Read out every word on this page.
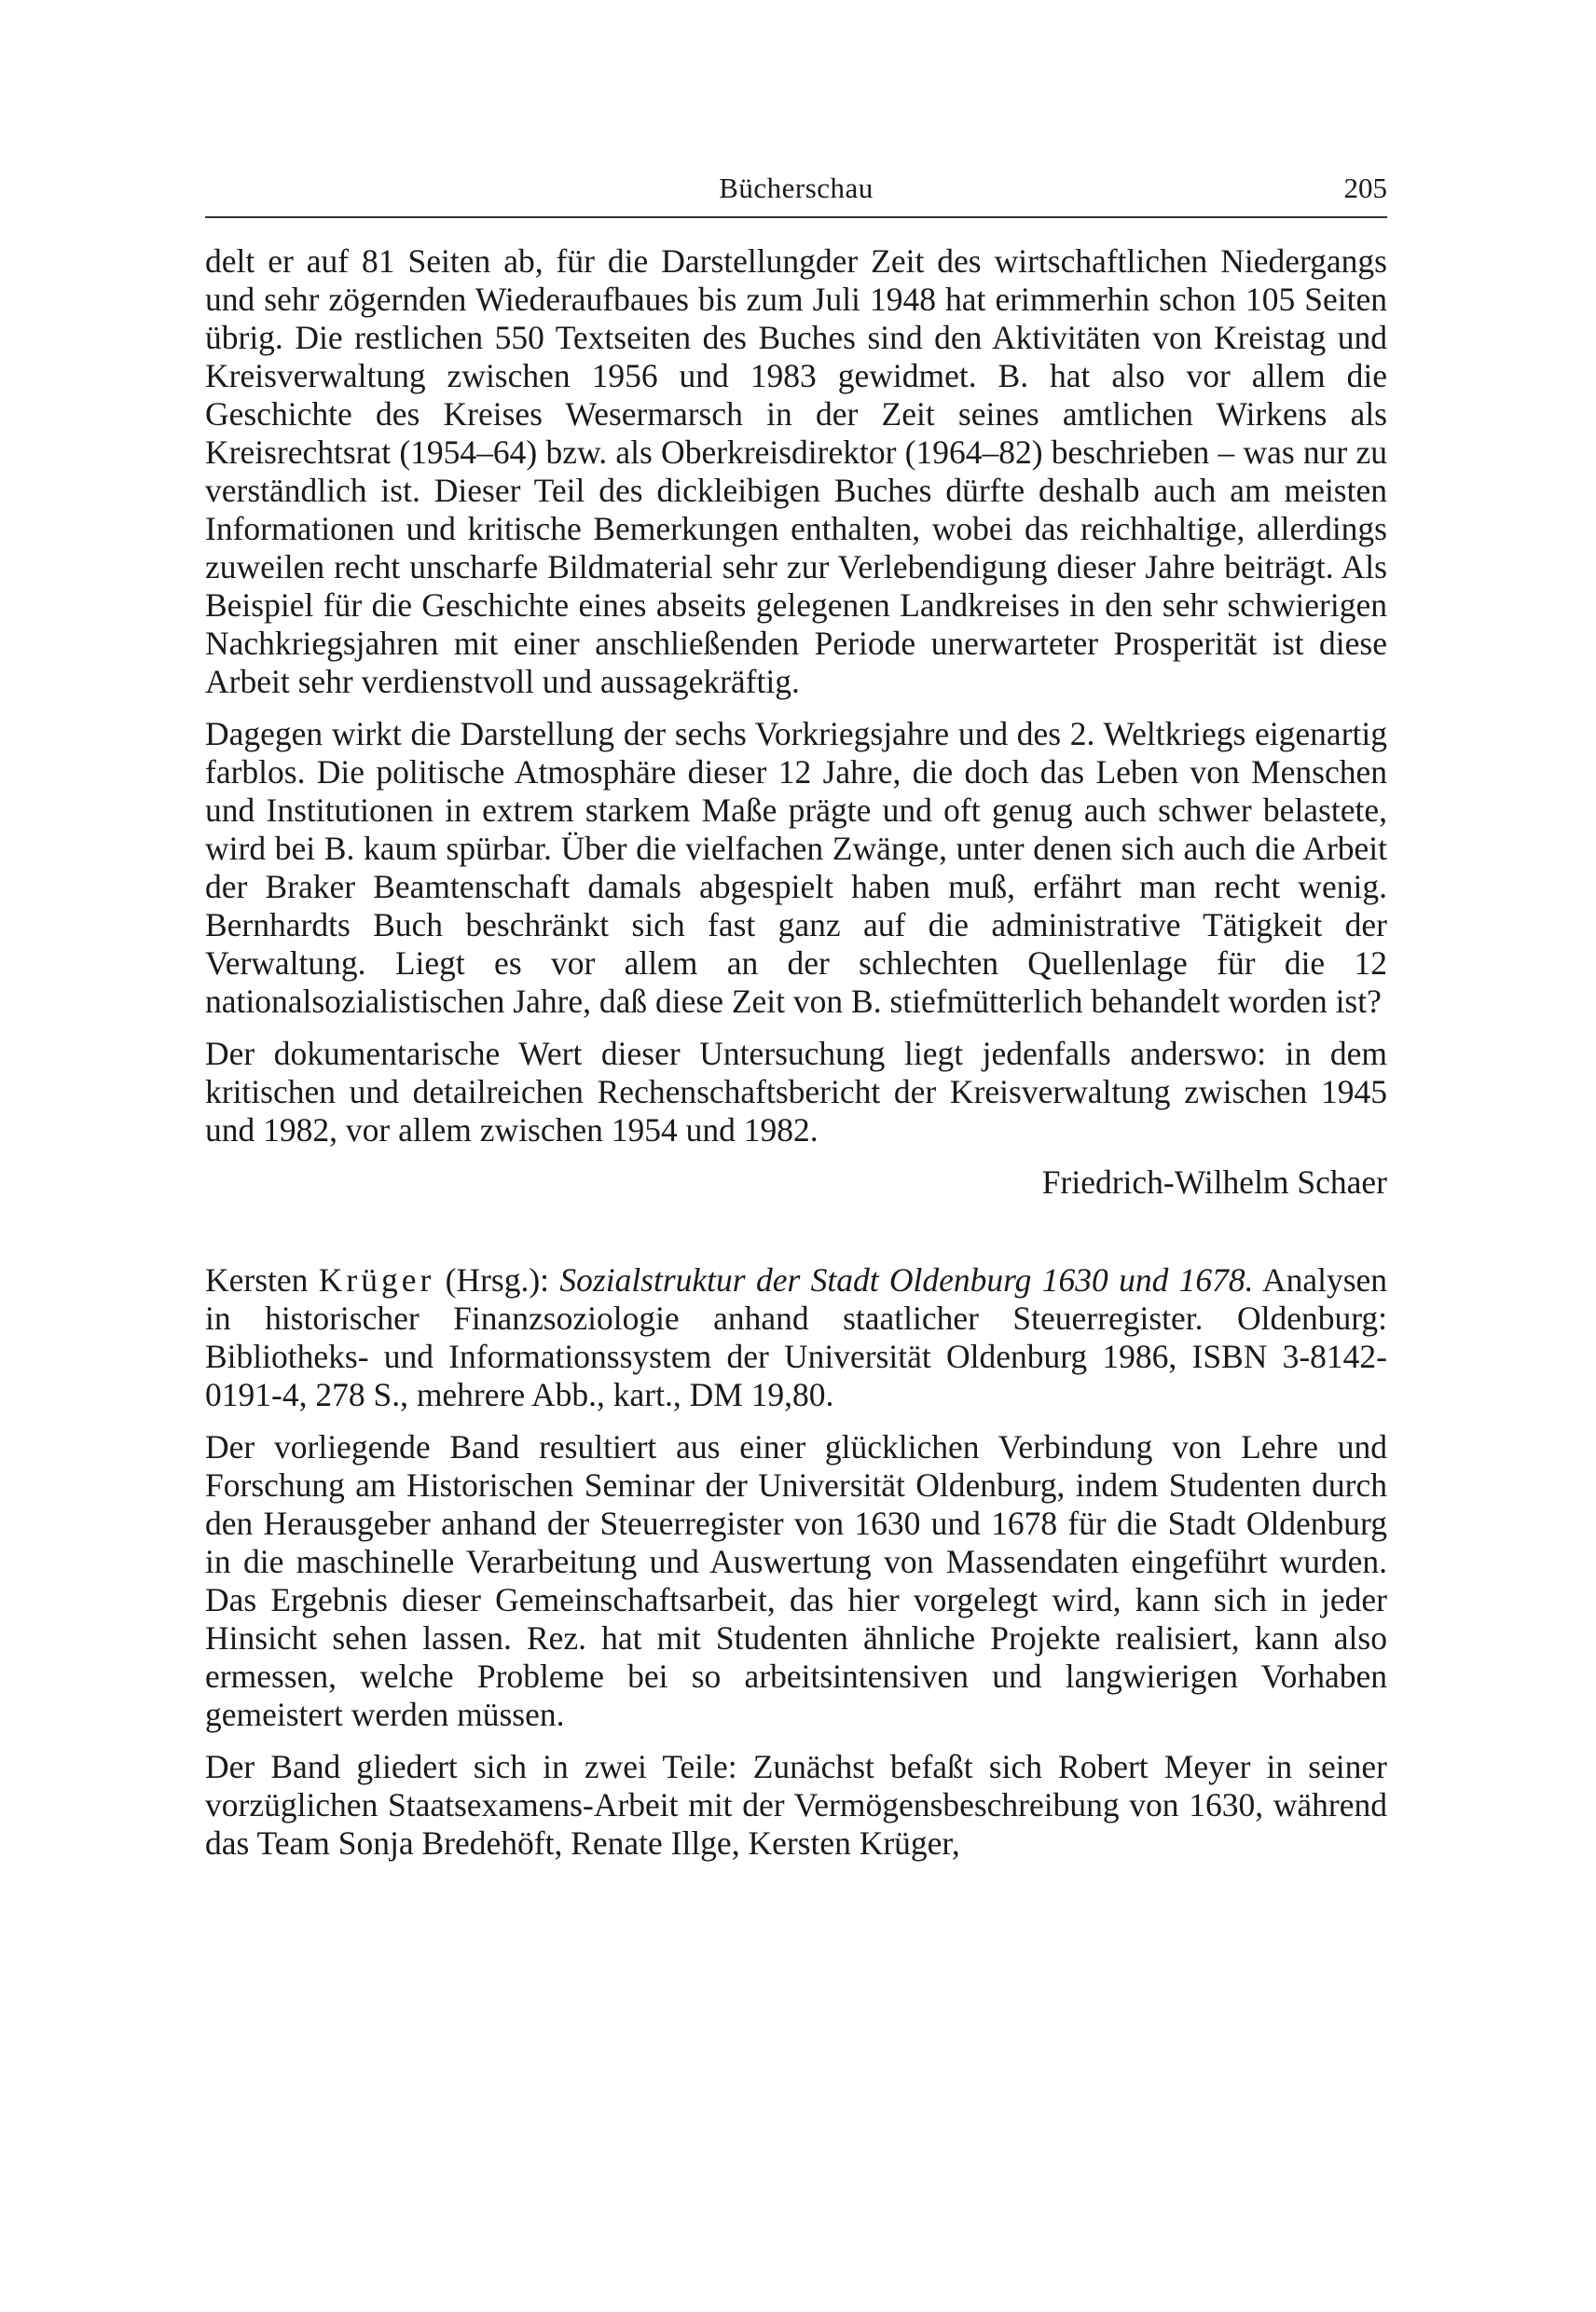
Bücherschau	205

delt er auf 81 Seiten ab, für die Darstellungder Zeit des wirtschaftlichen Niedergangs und sehr zögernden Wiederaufbaues bis zum Juli 1948 hat erimmerhin schon 105 Seiten übrig. Die restlichen 550 Textseiten des Buches sind den Aktivitäten von Kreistag und Kreisverwaltung zwischen 1956 und 1983 gewidmet. B. hat also vor allem die Geschichte des Kreises Wesermarsch in der Zeit seines amtlichen Wirkens als Kreisrechtsrat (1954–64) bzw. als Oberkreisdirektor (1964–82) beschrieben – was nur zu verständlich ist. Dieser Teil des dickleibigen Buches dürfte deshalb auch am meisten Informationen und kritische Bemerkungen enthalten, wobei das reichhaltige, allerdings zuweilen recht unscharfe Bildmaterial sehr zur Verlebendigung dieser Jahre beiträgt. Als Beispiel für die Geschichte eines abseits gelegenen Landkreises in den sehr schwierigen Nachkriegsjahren mit einer anschließenden Periode unerwarteter Prosperität ist diese Arbeit sehr verdienstvoll und aussagekräftig.

Dagegen wirkt die Darstellung der sechs Vorkriegsjahre und des 2. Weltkriegs eigenartig farblos. Die politische Atmosphäre dieser 12 Jahre, die doch das Leben von Menschen und Institutionen in extrem starkem Maße prägte und oft genug auch schwer belastete, wird bei B. kaum spürbar. Über die vielfachen Zwänge, unter denen sich auch die Arbeit der Braker Beamtenschaft damals abgespielt haben muß, erfährt man recht wenig. Bernhardts Buch beschränkt sich fast ganz auf die administrative Tätigkeit der Verwaltung. Liegt es vor allem an der schlechten Quellenlage für die 12 nationalsozialistischen Jahre, daß diese Zeit von B. stiefmütterlich behandelt worden ist?

Der dokumentarische Wert dieser Untersuchung liegt jedenfalls anderswo: in dem kritischen und detailreichen Rechenschaftsbericht der Kreisverwaltung zwischen 1945 und 1982, vor allem zwischen 1954 und 1982.

Friedrich-Wilhelm Schaer

Kersten Krüger (Hrsg.): Sozialstruktur der Stadt Oldenburg 1630 und 1678. Analysen in historischer Finanzsoziologie anhand staatlicher Steuerregister. Oldenburg: Bibliotheks- und Informationssystem der Universität Oldenburg 1986, ISBN 3-8142-0191-4, 278 S., mehrere Abb., kart., DM 19,80.

Der vorliegende Band resultiert aus einer glücklichen Verbindung von Lehre und Forschung am Historischen Seminar der Universität Oldenburg, indem Studenten durch den Herausgeber anhand der Steuerregister von 1630 und 1678 für die Stadt Oldenburg in die maschinelle Verarbeitung und Auswertung von Massendaten eingeführt wurden. Das Ergebnis dieser Gemeinschaftsarbeit, das hier vorgelegt wird, kann sich in jeder Hinsicht sehen lassen. Rez. hat mit Studenten ähnliche Projekte realisiert, kann also ermessen, welche Probleme bei so arbeitsintensiven und langwierigen Vorhaben gemeistert werden müssen.

Der Band gliedert sich in zwei Teile: Zunächst befaßt sich Robert Meyer in seiner vorzüglichen Staatsexamens-Arbeit mit der Vermögensbeschreibung von 1630, während das Team Sonja Bredehöft, Renate Illge, Kersten Krüger,
